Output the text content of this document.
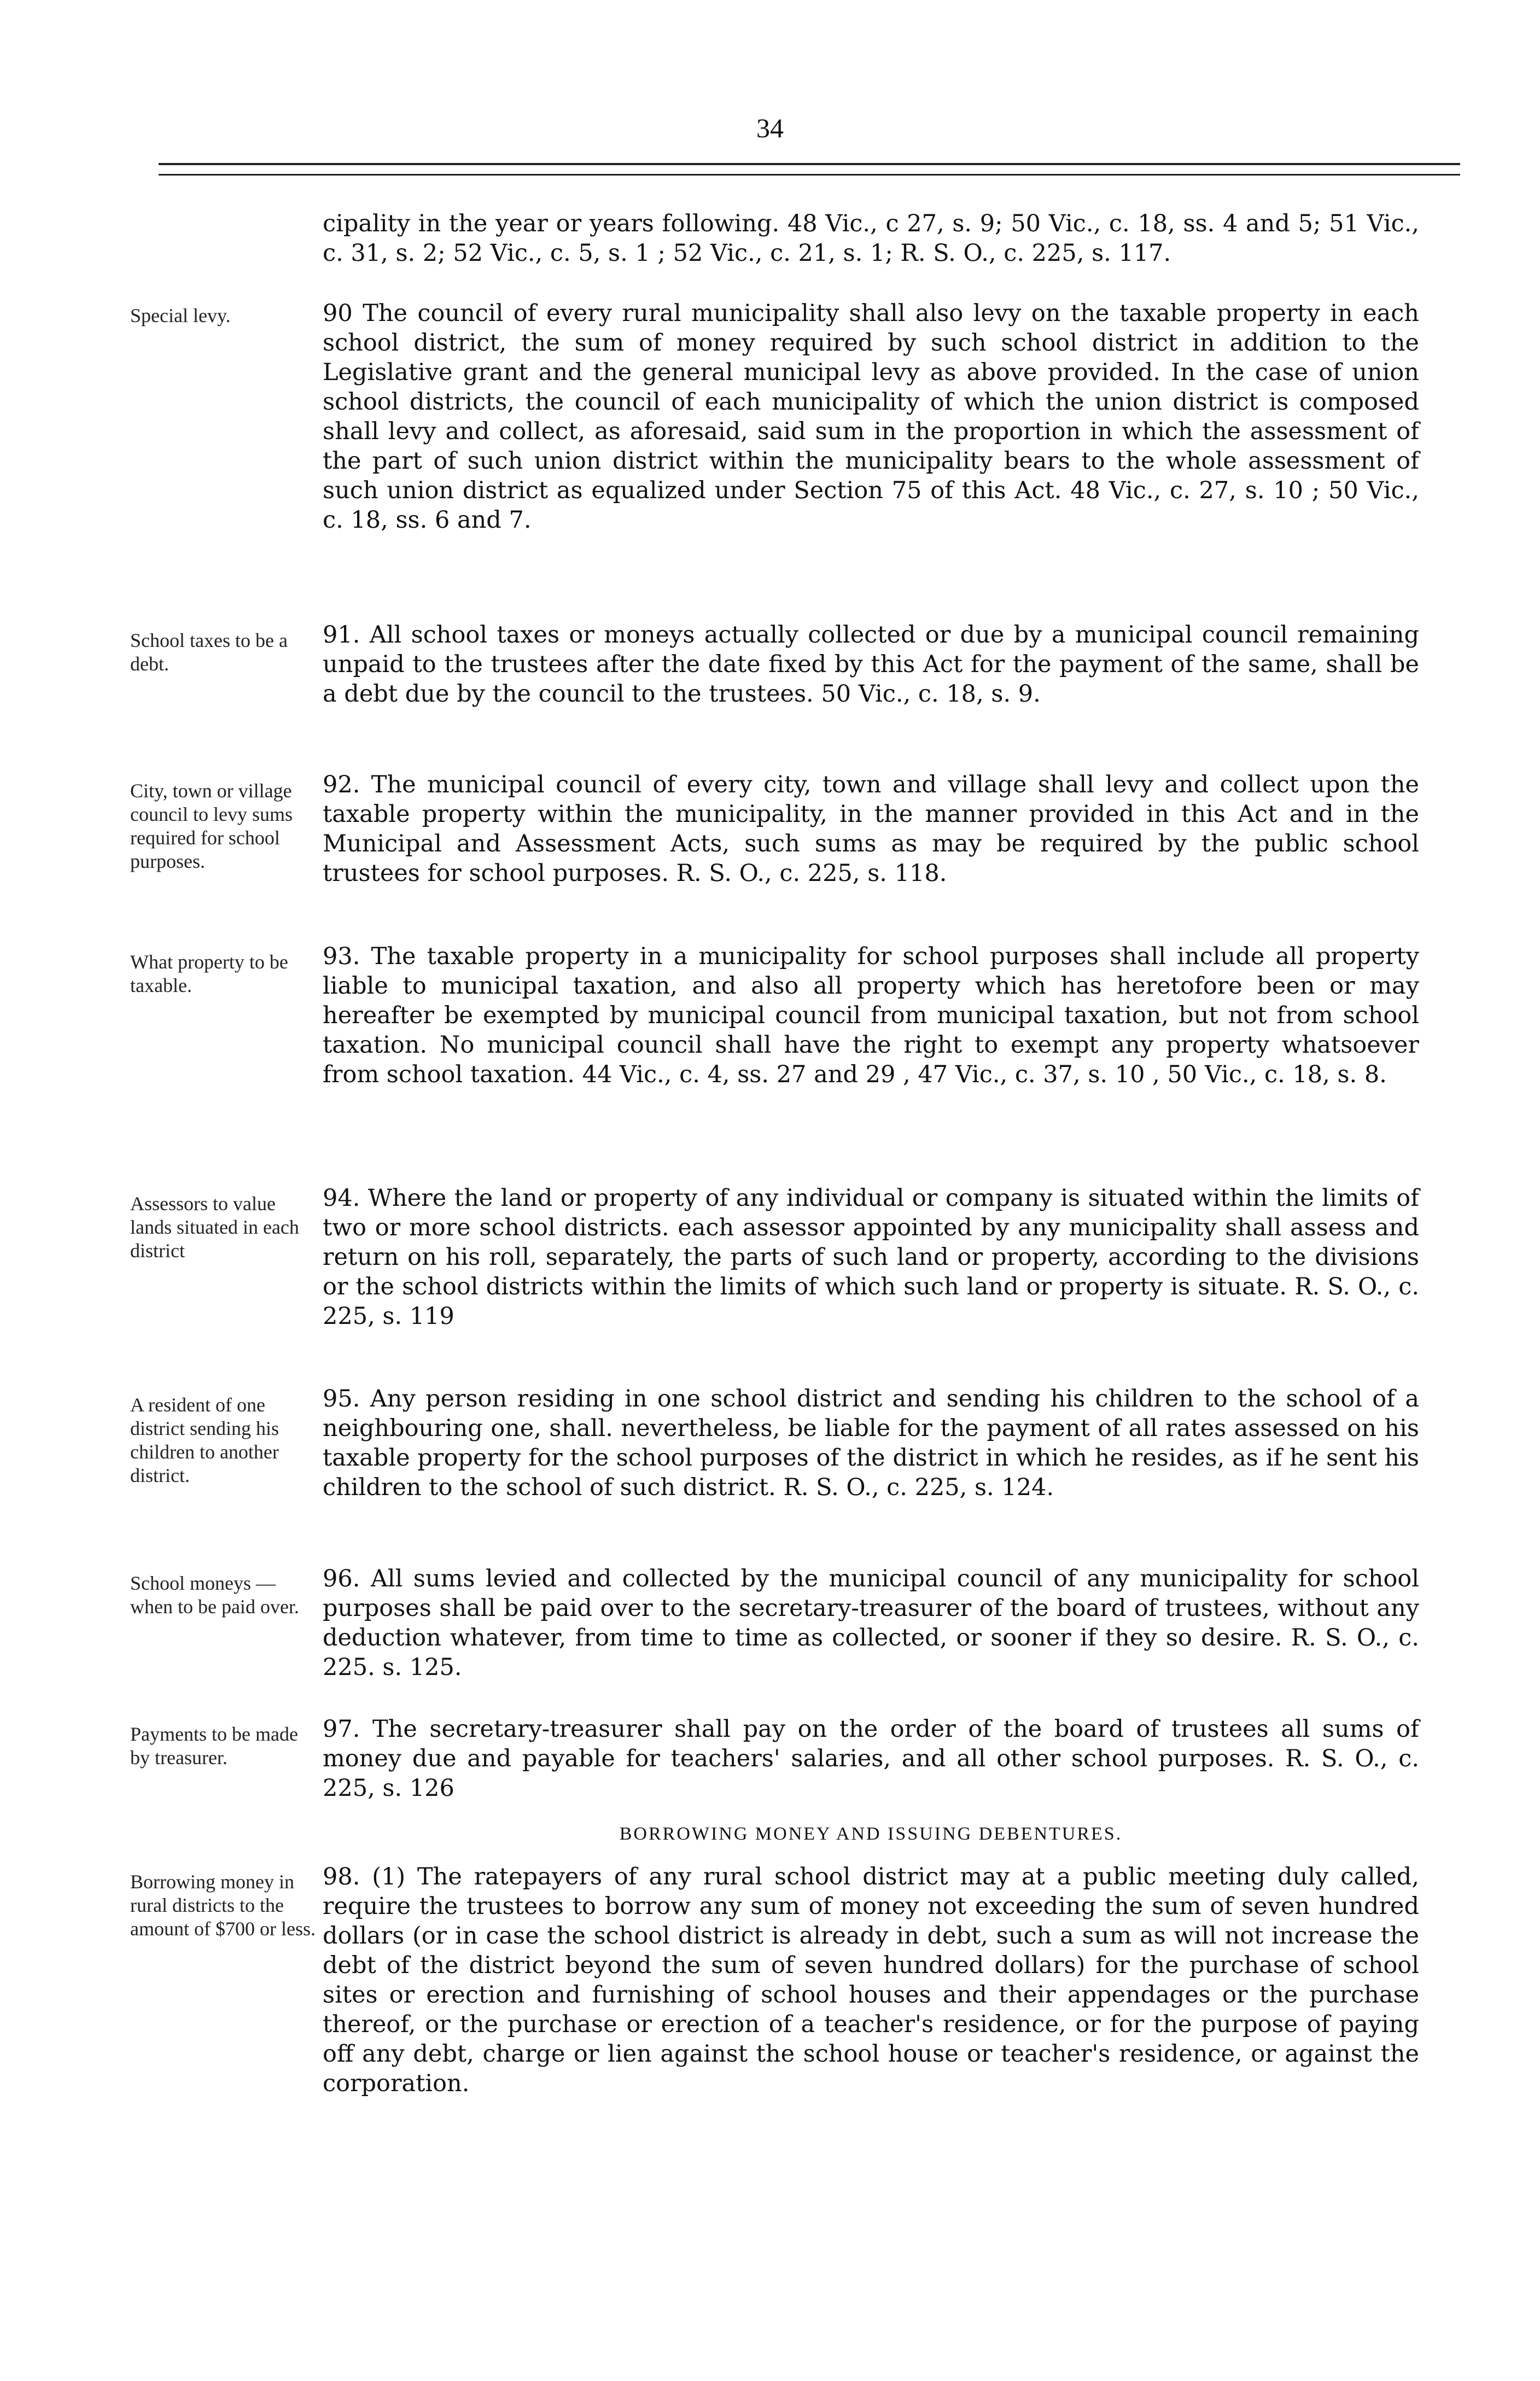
34

cipality in the year or years following. 48 Vic., c 27, s. 9; 50 Vic., c. 18, ss. 4 and 5; 51 Vic., c. 31, s. 2; 52 Vic., c. 5, s. 1 ; 52 Vic., c. 21, s. 1; R. S. O., c. 225, s. 117.

90 The council of every rural municipality shall also levy on the taxable property in each school district, the sum of money required by such school district in addition to the Legislative grant and the general municipal levy as above provided. In the case of union school districts, the council of each municipality of which the union district is composed shall levy and collect, as aforesaid, said sum in the proportion in which the assessment of the part of such union district within the municipality bears to the whole assessment of such union district as equalized under Section 75 of this Act. 48 Vic., c. 27, s. 10 ; 50 Vic., c. 18, ss. 6 and 7.

91. All school taxes or moneys actually collected or due by a municipal council remaining unpaid to the trustees after the date fixed by this Act for the payment of the same, shall be a debt due by the council to the trustees. 50 Vic., c. 18, s. 9.

92. The municipal council of every city, town and village shall levy and collect upon the taxable property within the municipality, in the manner provided in this Act and in the Municipal and Assessment Acts, such sums as may be required by the public school trustees for school purposes. R. S. O., c. 225, s. 118.

93. The taxable property in a municipality for school purposes shall include all property liable to municipal taxation, and also all property which has heretofore been or may hereafter be exempted by municipal council from municipal taxation, but not from school taxation. No municipal council shall have the right to exempt any property whatsoever from school taxation. 44 Vic., c. 4, ss. 27 and 29 , 47 Vic., c. 37, s. 10 , 50 Vic., c. 18, s. 8.

94. Where the land or property of any individual or company is situated within the limits of two or more school districts. each assessor appointed by any municipality shall assess and return on his roll, separately, the parts of such land or property, according to the divisions or the school districts within the limits of which such land or property is situate. R. S. O., c. 225, s. 119

95. Any person residing in one school district and sending his children to the school of a neighbouring one, shall. nevertheless, be liable for the payment of all rates assessed on his taxable property for the school purposes of the district in which he resides, as if he sent his children to the school of such district. R. S. O., c. 225, s. 124.

96. All sums levied and collected by the municipal council of any municipality for school purposes shall be paid over to the secretary-treasurer of the board of trustees, without any deduction whatever, from time to time as collected, or sooner if they so desire. R. S. O., c. 225. s. 125.

97. The secretary-treasurer shall pay on the order of the board of trustees all sums of money due and payable for teachers' salaries, and all other school purposes. R. S. O., c. 225, s. 126

BORROWING MONEY AND ISSUING DEBENTURES.

98. (1) The ratepayers of any rural school district may at a public meeting duly called, require the trustees to borrow any sum of money not exceeding the sum of seven hundred dollars (or in case the school district is already in debt, such a sum as will not increase the debt of the district beyond the sum of seven hundred dollars) for the purchase of school sites or erection and furnishing of school houses and their appendages or the purchase thereof, or the purchase or erection of a teacher's residence, or for the purpose of paying off any debt, charge or lien against the school house or teacher's residence, or against the corporation.

Special levy.
School taxes to be a debt.
City, town or village council to levy sums required for school purposes.
What property to be taxable.
Assessors to value lands situated in each district
A resident of one district sending his children to another district.
School moneys —when to be paid over.
Payments to be made by treasurer.
Borrowing money in rural districts to the amount of $700 or less.
